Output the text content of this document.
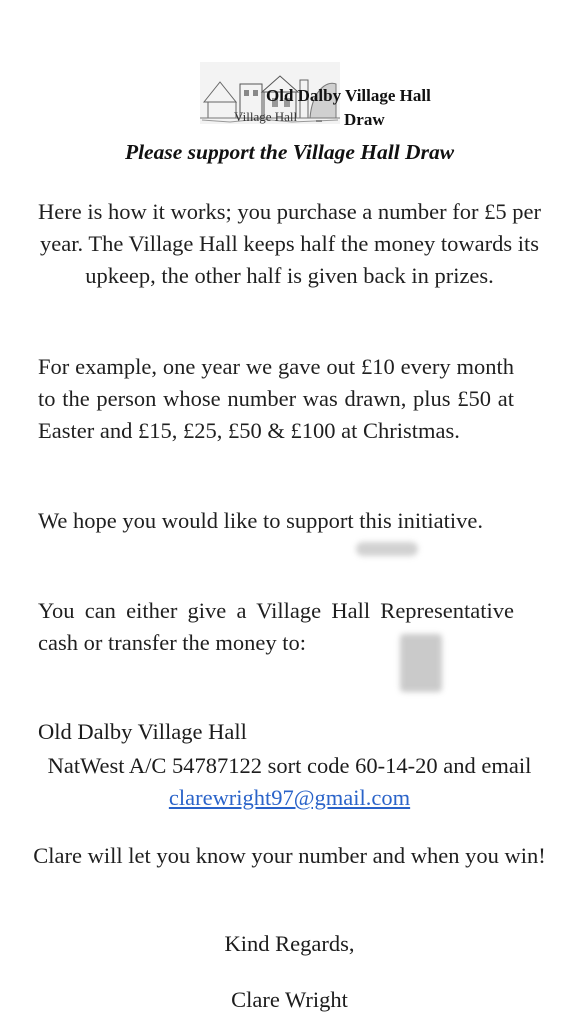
Old Dalby Village Hall
Village Hall	Draw
Please support the Village Hall Draw
Here is how it works; you purchase a number for £5 per year. The Village Hall keeps half the money towards its upkeep, the other half is given back in prizes.
For example, one year we gave out £10 every month to the person whose number was drawn, plus £50 at Easter and £15, £25, £50 & £100 at Christmas.
We hope you would like to support this initiative.
You can either give a Village Hall Representative cash or transfer the money to:
Old Dalby Village Hall
NatWest A/C 54787122 sort code 60-14-20 and email clarewright97@gmail.com
Clare will let you know your number and when you win!
Kind Regards,
Clare Wright
